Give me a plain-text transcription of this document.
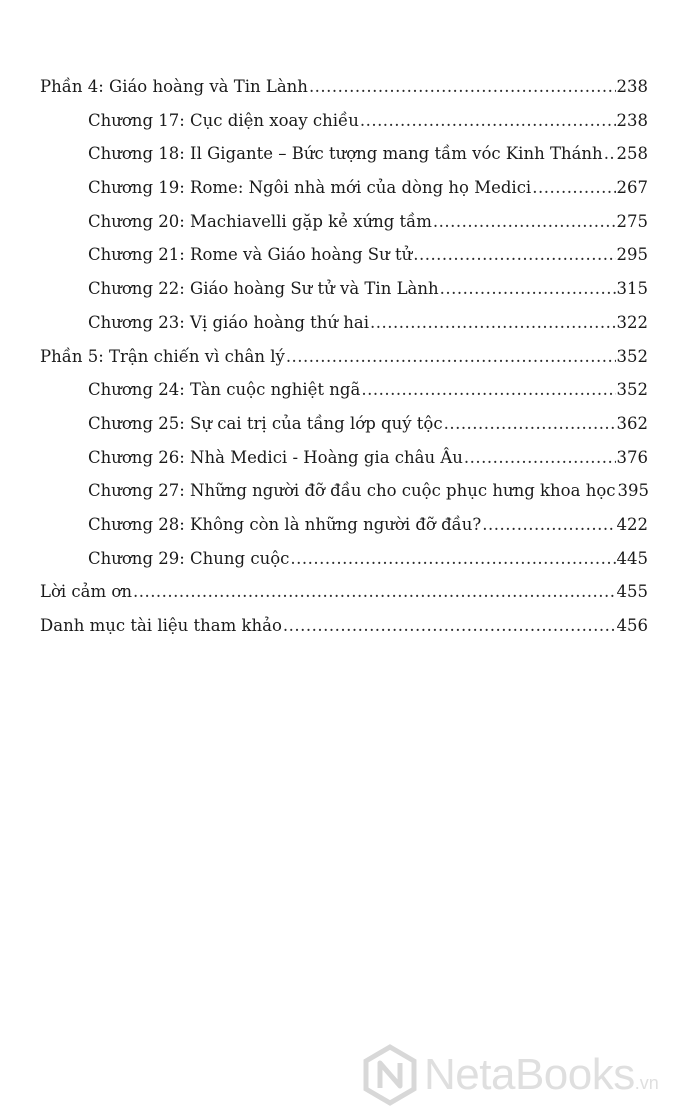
Phần 4: Giáo hoàng và Tin Lành .....	238
Chương 17: Cục diện xoay chiều .....	238
Chương 18: Il Gigante – Bức tượng mang tầm vóc Kinh Thánh ..... 258
Chương 19: Rome: Ngôi nhà mới của dòng họ Medici .....	267
Chương 20: Machiavelli gặp kẻ xứng tầm .....	275
Chương 21: Rome và Giáo hoàng Sư tử .....	295
Chương 22: Giáo hoàng Sư tử và Tin Lành .....	315
Chương 23: Vị giáo hoàng thứ hai .....	322
Phần 5: Trận chiến vì chân lý .....	352
Chương 24: Tàn cuộc nghiệt ngã .....	352
Chương 25: Sự cai trị của tầng lớp quý tộc .....	362
Chương 26: Nhà Medici - Hoàng gia châu Âu .....	376
Chương 27: Những người đỡ đầu cho cuộc phục hưng khoa học 395
Chương 28: Không còn là những người đỡ đầu? .....	422
Chương 29: Chung cuộc .....	445
Lời cảm ơn .....	455
Danh mục tài liệu tham khảo .....	456
NetaBooks .vn
